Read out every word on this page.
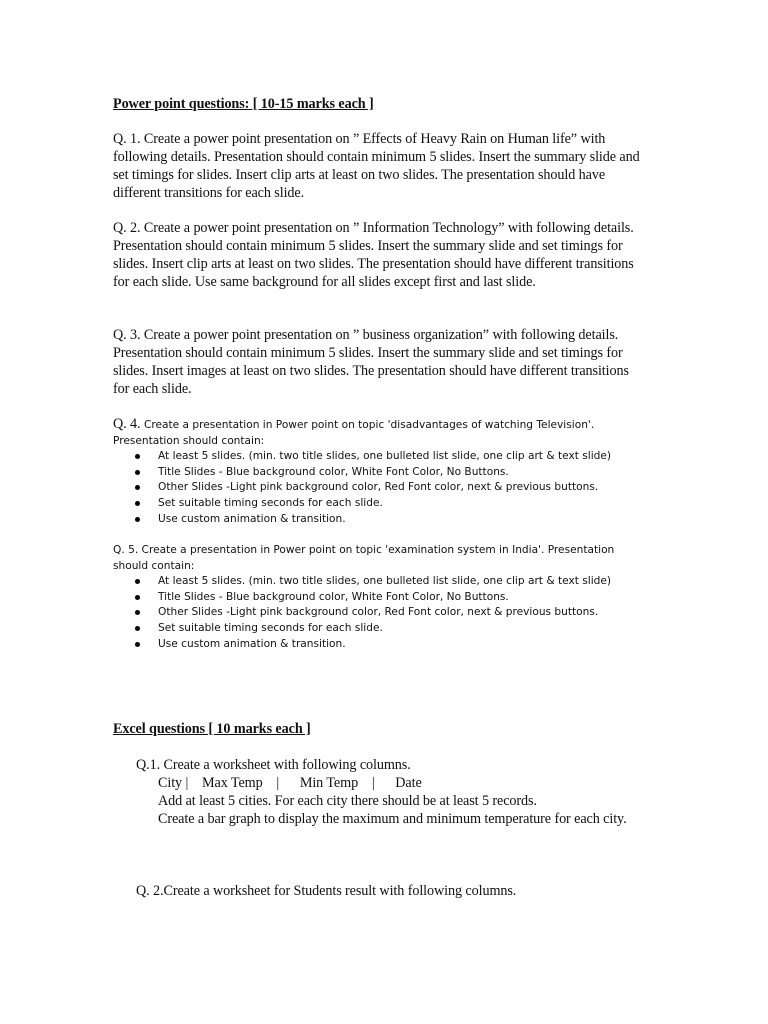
Power point questions: [ 10-15 marks each ]

Q. 1. Create a power point presentation on ” Effects of Heavy Rain on Human life” with following details. Presentation should contain minimum 5 slides. Insert the summary slide and set timings for slides. Insert clip arts at least on two slides. The presentation should have different transitions for each slide.

Q. 2. Create a power point presentation on ” Information Technology” with following details. Presentation should contain minimum 5 slides. Insert the summary slide and set timings for slides. Insert clip arts at least on two slides. The presentation should have different transitions for each slide. Use same background for all slides except first and last slide.

Q. 3. Create a power point presentation on ” business organization” with following details. Presentation should contain minimum 5 slides. Insert the summary slide and set timings for slides. Insert images at least on two slides. The presentation should have different transitions for each slide.

Q. 4. Create a presentation in Power point on topic 'disadvantages of watching Television'. Presentation should contain:
At least 5 slides. (min. two title slides, one bulleted list slide, one clip art & text slide)
Title Slides - Blue background color, White Font Color, No Buttons.
Other Slides -Light pink background color, Red Font color, next & previous buttons.
Set suitable timing seconds for each slide.
Use custom animation & transition.
Q. 5. Create a presentation in Power point on topic 'examination system in India'. Presentation should contain:
At least 5 slides. (min. two title slides, one bulleted list slide, one clip art & text slide)
Title Slides - Blue background color, White Font Color, No Buttons.
Other Slides -Light pink background color, Red Font color, next & previous buttons.
Set suitable timing seconds for each slide.
Use custom animation & transition.

Excel questions [ 10 marks each ]

Q.1. Create a worksheet with following columns.
City |    Max Temp    |      Min Temp    |      Date
Add at least 5 cities. For each city there should be at least 5 records.
Create a bar graph to display the maximum and minimum temperature for each city.
Q. 2.Create a worksheet for Students result with following columns.
